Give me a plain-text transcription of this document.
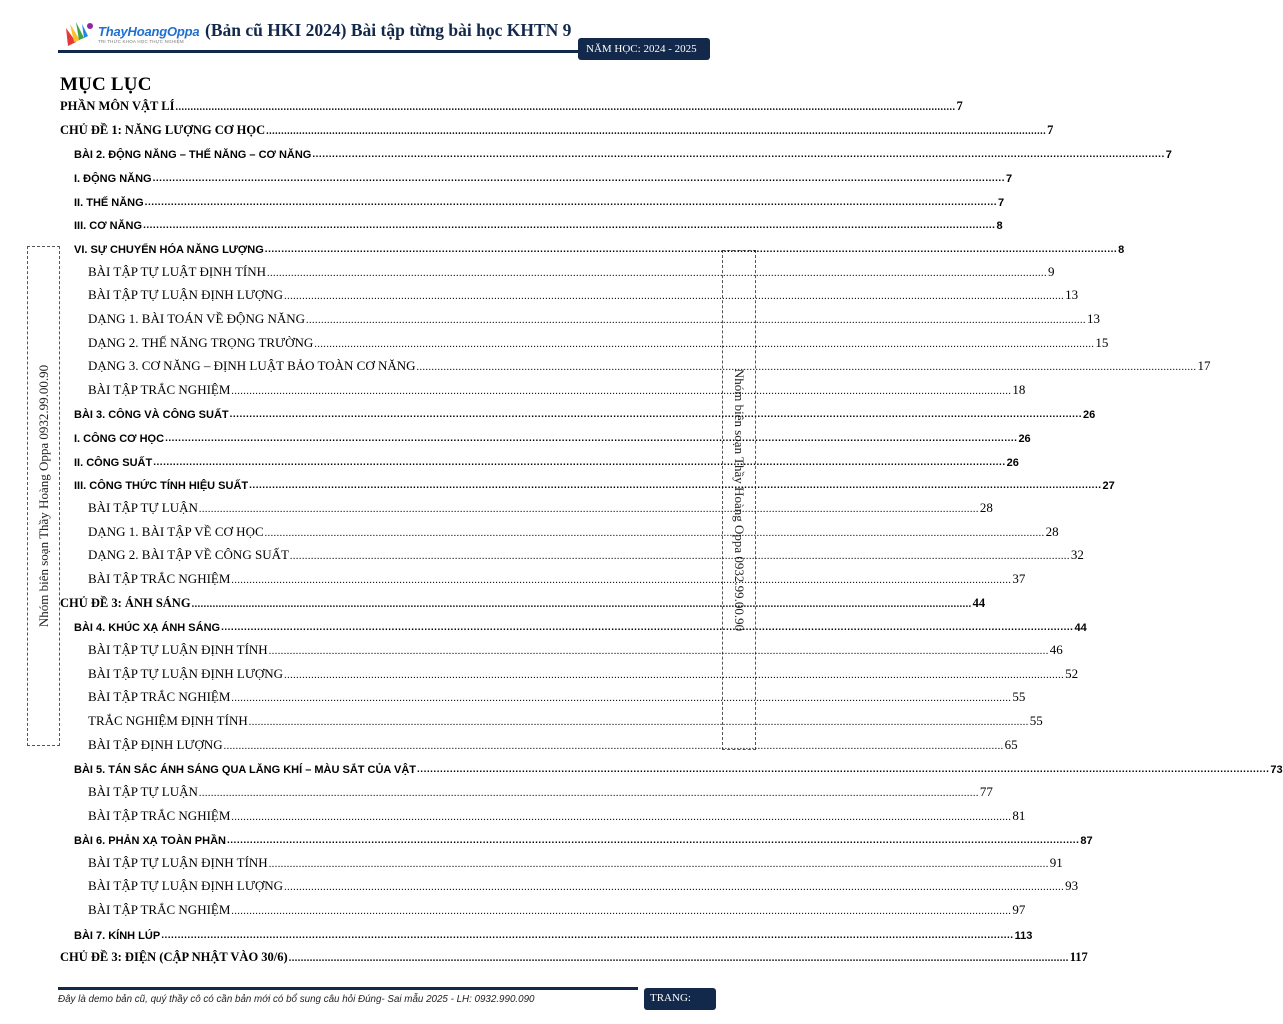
ThayHoangOppa
TRI THỨC KHOA HỌC THỰC NGHIỆM
(Bản cũ HKI 2024) Bài tập từng bài học KHTN 9
NĂM HỌC: 2024 - 2025
Nhóm biên soạn Thầy Hoàng Oppa 0932.99.00.90	Nhóm biên soạn Thầy Hoàng Oppa 0932.99.00.90
MỤC LỤC
PHẦN MÔN VẬT LÍ .................................................................................................................................................................................................................................................................... 7
CHỦ ĐỀ 1: NĂNG LƯỢNG CƠ HỌC .................................................................................................................................................................................................................................................................... 7
BÀI 2. ĐỘNG NĂNG – THẾ NĂNG – CƠ NĂNG .................................................................................................................................................................................................................................................................... 7
I. ĐỘNG NĂNG .................................................................................................................................................................................................................................................................... 7
II. THẾ NĂNG .................................................................................................................................................................................................................................................................... 7
III. CƠ NĂNG .................................................................................................................................................................................................................................................................... 8
VI. SỰ CHUYỂN HÓA NĂNG LƯỢNG .................................................................................................................................................................................................................................................................... 8
BÀI TẬP TỰ LUẬT ĐỊNH TÍNH .................................................................................................................................................................................................................................................................... 9
BÀI TẬP TỰ LUẬN ĐỊNH LƯỢNG .................................................................................................................................................................................................................................................................... 13
DẠNG 1. BÀI TOÁN VỀ ĐỘNG NĂNG .................................................................................................................................................................................................................................................................... 13
DẠNG 2. THẾ NĂNG TRỌNG TRƯỜNG .................................................................................................................................................................................................................................................................... 15
DẠNG 3. CƠ NĂNG – ĐỊNH LUẬT BẢO TOÀN CƠ NĂNG .................................................................................................................................................................................................................................................................... 17
BÀI TẬP TRẮC NGHIỆM .................................................................................................................................................................................................................................................................... 18
BÀI 3. CÔNG VÀ CÔNG SUẤT .................................................................................................................................................................................................................................................................... 26
I. CÔNG CƠ HỌC .................................................................................................................................................................................................................................................................... 26
II. CÔNG SUẤT .................................................................................................................................................................................................................................................................... 26
III. CÔNG THỨC TÍNH HIỆU SUẤT .................................................................................................................................................................................................................................................................... 27
BÀI TẬP TỰ LUẬN .................................................................................................................................................................................................................................................................... 28
DẠNG 1. BÀI TẬP VỀ CƠ HỌC .................................................................................................................................................................................................................................................................... 28
DẠNG 2. BÀI TẬP VỀ CÔNG SUẤT .................................................................................................................................................................................................................................................................... 32
BÀI TẬP TRẮC NGHIỆM .................................................................................................................................................................................................................................................................... 37
CHỦ ĐỀ 3: ÁNH SÁNG .................................................................................................................................................................................................................................................................... 44
BÀI 4. KHÚC XẠ ÁNH SÁNG .................................................................................................................................................................................................................................................................... 44
BÀI TẬP TỰ LUẬN ĐỊNH TÍNH .................................................................................................................................................................................................................................................................... 46
BÀI TẬP TỰ LUẬN ĐỊNH LƯỢNG .................................................................................................................................................................................................................................................................... 52
BÀI TẬP TRẮC NGHIỆM .................................................................................................................................................................................................................................................................... 55
TRẮC NGHIỆM ĐỊNH TÍNH .................................................................................................................................................................................................................................................................... 55
BÀI TẬP ĐỊNH LƯỢNG .................................................................................................................................................................................................................................................................... 65
BÀI 5. TÁN SẮC ÁNH SÁNG QUA LĂNG KHÍ – MÀU SẮT CỦA VẬT .................................................................................................................................................................................................................................................................... 73
BÀI TẬP TỰ LUẬN .................................................................................................................................................................................................................................................................... 77
BÀI TẬP TRẮC NGHIỆM .................................................................................................................................................................................................................................................................... 81
BÀI 6. PHẢN XẠ TOÀN PHẦN .................................................................................................................................................................................................................................................................... 87
BÀI TẬP TỰ LUẬN ĐỊNH TÍNH .................................................................................................................................................................................................................................................................... 91
BÀI TẬP TỰ LUẬN ĐỊNH LƯỢNG .................................................................................................................................................................................................................................................................... 93
BÀI TẬP TRẮC NGHIỆM .................................................................................................................................................................................................................................................................... 97
BÀI 7. KÍNH LÚP .................................................................................................................................................................................................................................................................... 113
CHỦ ĐỀ 3: ĐIỆN (CẬP NHẬT VÀO 30/6) .................................................................................................................................................................................................................................................................... 117
Đây là demo bản cũ, quý thầy cô có cần bản mới có bổ sung câu hỏi Đúng- Sai mẫu 2025 - LH: 0932.990.090	TRANG:
